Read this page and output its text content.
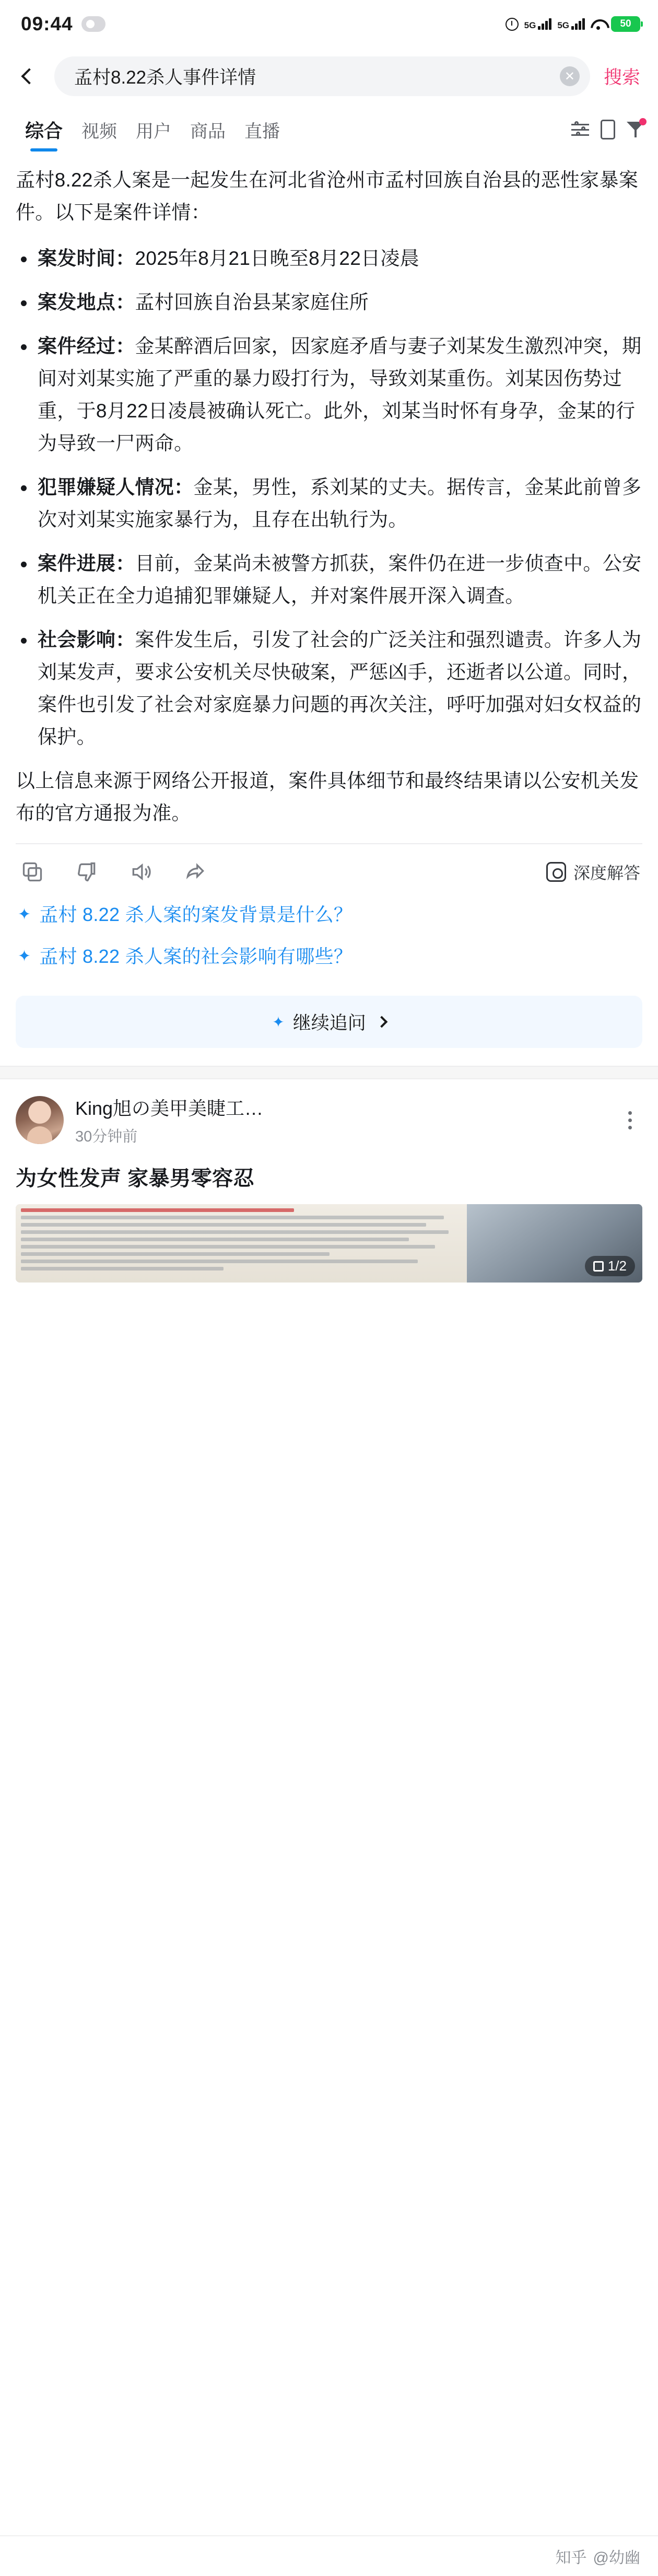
09:44	5G 5G	50
孟村8.22杀人事件详情	✕ 搜索
综合	视频	用户	商品	直播
孟村8.22杀人案是一起发生在河北省沧州市孟村回族自治县的恶性家暴案件。以下是案件详情：
案发时间：2025年8月21日晚至8月22日凌晨
案发地点：孟村回族自治县某家庭住所
案件经过：金某醉酒后回家，因家庭矛盾与妻子刘某发生激烈冲突，期间对刘某实施了严重的暴力殴打行为，导致刘某重伤。刘某因伤势过重，于8月22日凌晨被确认死亡。此外，刘某当时怀有身孕，金某的行为导致一尸两命。
犯罪嫌疑人情况：金某，男性，系刘某的丈夫。据传言，金某此前曾多次对刘某实施家暴行为，且存在出轨行为。
案件进展：目前，金某尚未被警方抓获，案件仍在进一步侦查中。公安机关正在全力追捕犯罪嫌疑人，并对案件展开深入调查。
社会影响：案件发生后，引发了社会的广泛关注和强烈谴责。许多人为刘某发声，要求公安机关尽快破案，严惩凶手，还逝者以公道。同时，案件也引发了社会对家庭暴力问题的再次关注，呼吁加强对妇女权益的保护。
以上信息来源于网络公开报道，案件具体细节和最终结果请以公安机关发布的官方通报为准。
深度解答
✦ 孟村 8.22 杀人案的案发背景是什么？
✦ 孟村 8.22 杀人案的社会影响有哪些？
✦ 继续追问
King旭の美甲美睫工…
30分钟前
为女性发声 家暴男零容忍
1/2
知乎 @幼幽
